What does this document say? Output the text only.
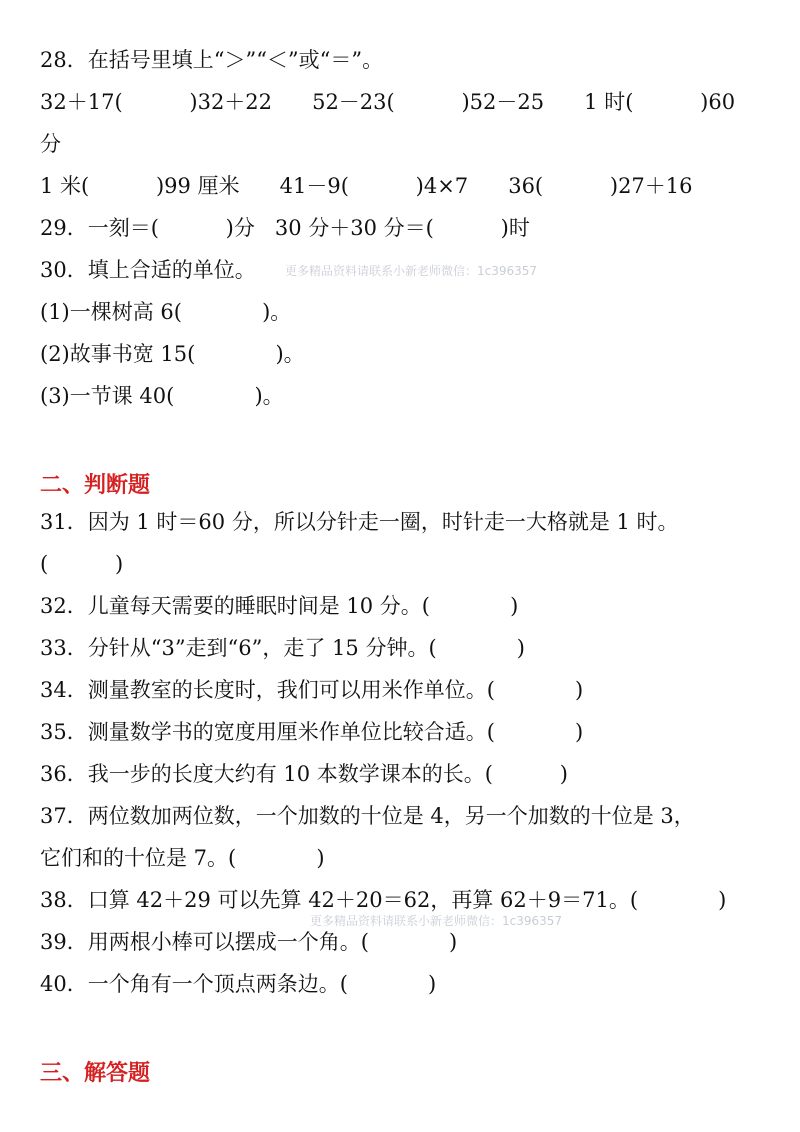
28．在括号里填上“＞”“＜”或“＝”。
32＋17(          )32＋22      52－23(          )52－25      1 时(          )60
分
1 米(          )99 厘米      41－9(          )4×7      36(          )27＋16
29．一刻＝(          )分   30 分＋30 分＝(          )时
30．填上合适的单位。 更多精品资料请联系小新老师微信：1c396357
(1)一棵树高 6(            )。
(2)故事书宽 15(            )。
(3)一节课 40(            )。
二、判断题
31．因为 1 时＝60 分，所以分针走一圈，时针走一大格就是 1 时。
(          )
32．儿童每天需要的睡眠时间是 10 分。(            )
33．分针从“3”走到“6”，走了 15 分钟。(            )
34．测量教室的长度时，我们可以用米作单位。(            )
35．测量数学书的宽度用厘米作单位比较合适。(            )
36．我一步的长度大约有 10 本数学课本的长。(          )
37．两位数加两位数，一个加数的十位是 4，另一个加数的十位是 3，
它们和的十位是 7。(            )
38．口算 42＋29 可以先算 42＋20＝62，再算 62＋9＝71。(            )
更多精品资料请联系小新老师微信：1c396357
39．用两根小棒可以摆成一个角。(            )
40．一个角有一个顶点两条边。(            )
三、解答题
